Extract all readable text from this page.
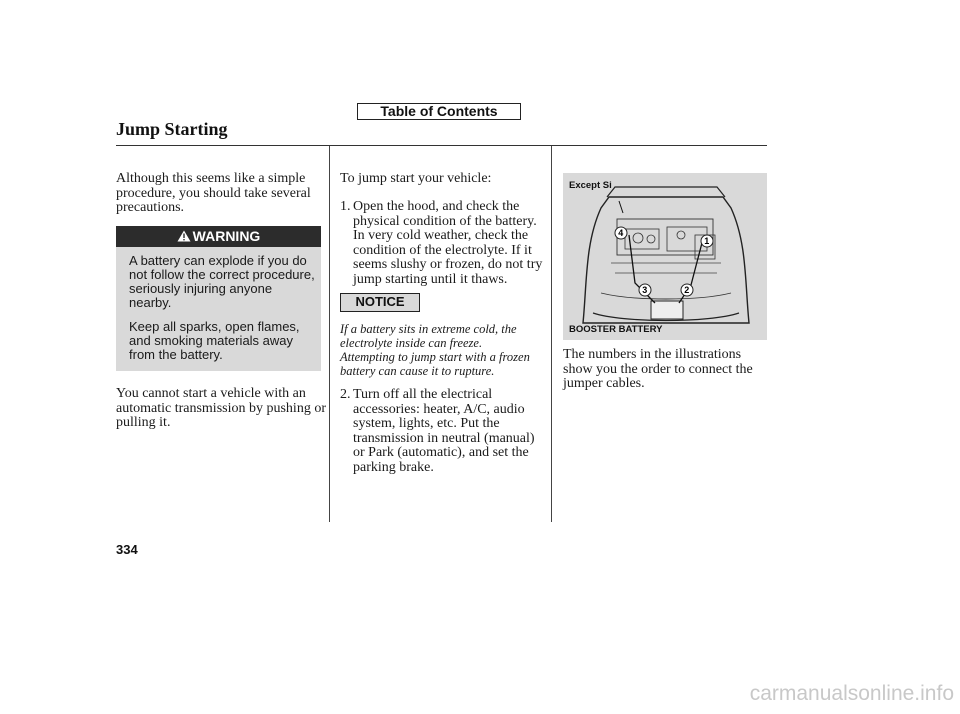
Table of Contents
Jump Starting
Although this seems like a simple procedure, you should take several precautions.
WARNING
A battery can explode if you do
not follow the correct procedure,
seriously injuring anyone
nearby.
Keep all sparks, open flames,
and smoking materials away
from the battery.
You cannot start a vehicle with an automatic transmission by pushing or pulling it.
To jump start your vehicle:
1. Open the hood, and check the physical condition of the battery. In very cold weather, check the condition of the electrolyte. If it seems slushy or frozen, do not try jump starting until it thaws.
NOTICE
If a battery sits in extreme cold, the
electrolyte inside can freeze.
Attempting to jump start with a frozen
battery can cause it to rupture.
2. Turn off all the electrical accessories: heater, A/C, audio system, lights, etc. Put the transmission in neutral (manual) or Park (automatic), and set the parking brake.
Except Si
1
2
3
4
BOOSTER BATTERY
The numbers in the illustrations show you the order to connect the jumper cables.
334
carmanualsonline.info
